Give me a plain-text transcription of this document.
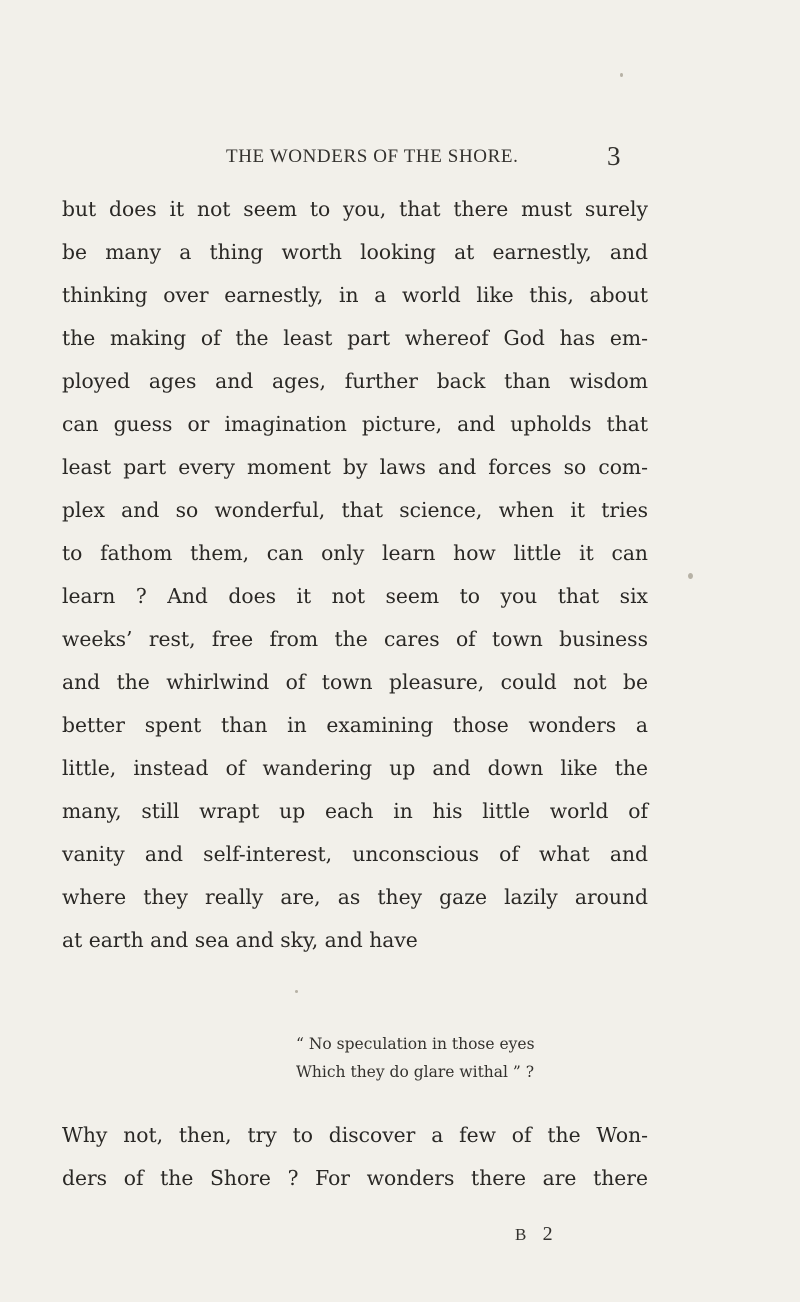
THE WONDERS OF THE SHORE.	3
but does it not seem to you, that there must surely
be many a thing worth looking at earnestly, and
thinking over earnestly, in a world like this, about
the making of the least part whereof God has em-
ployed ages and ages, further back than wisdom
can guess or imagination picture, and upholds that
least part every moment by laws and forces so com-
plex and so wonderful, that science, when it tries
to fathom them, can only learn how little it can
learn ? And does it not seem to you that six
weeks’ rest, free from the cares of town business
and the whirlwind of town pleasure, could not be
better spent than in examining those wonders a
little, instead of wandering up and down like the
many, still wrapt up each in his little world of
vanity and self-interest, unconscious of what and
where they really are, as they gaze lazily around
at earth and sea and sky, and have
“ No speculation in those eyes
Which they do glare withal ” ?
Why not, then, try to discover a few of the Won-
ders of the Shore ? For wonders there are there
B 2
